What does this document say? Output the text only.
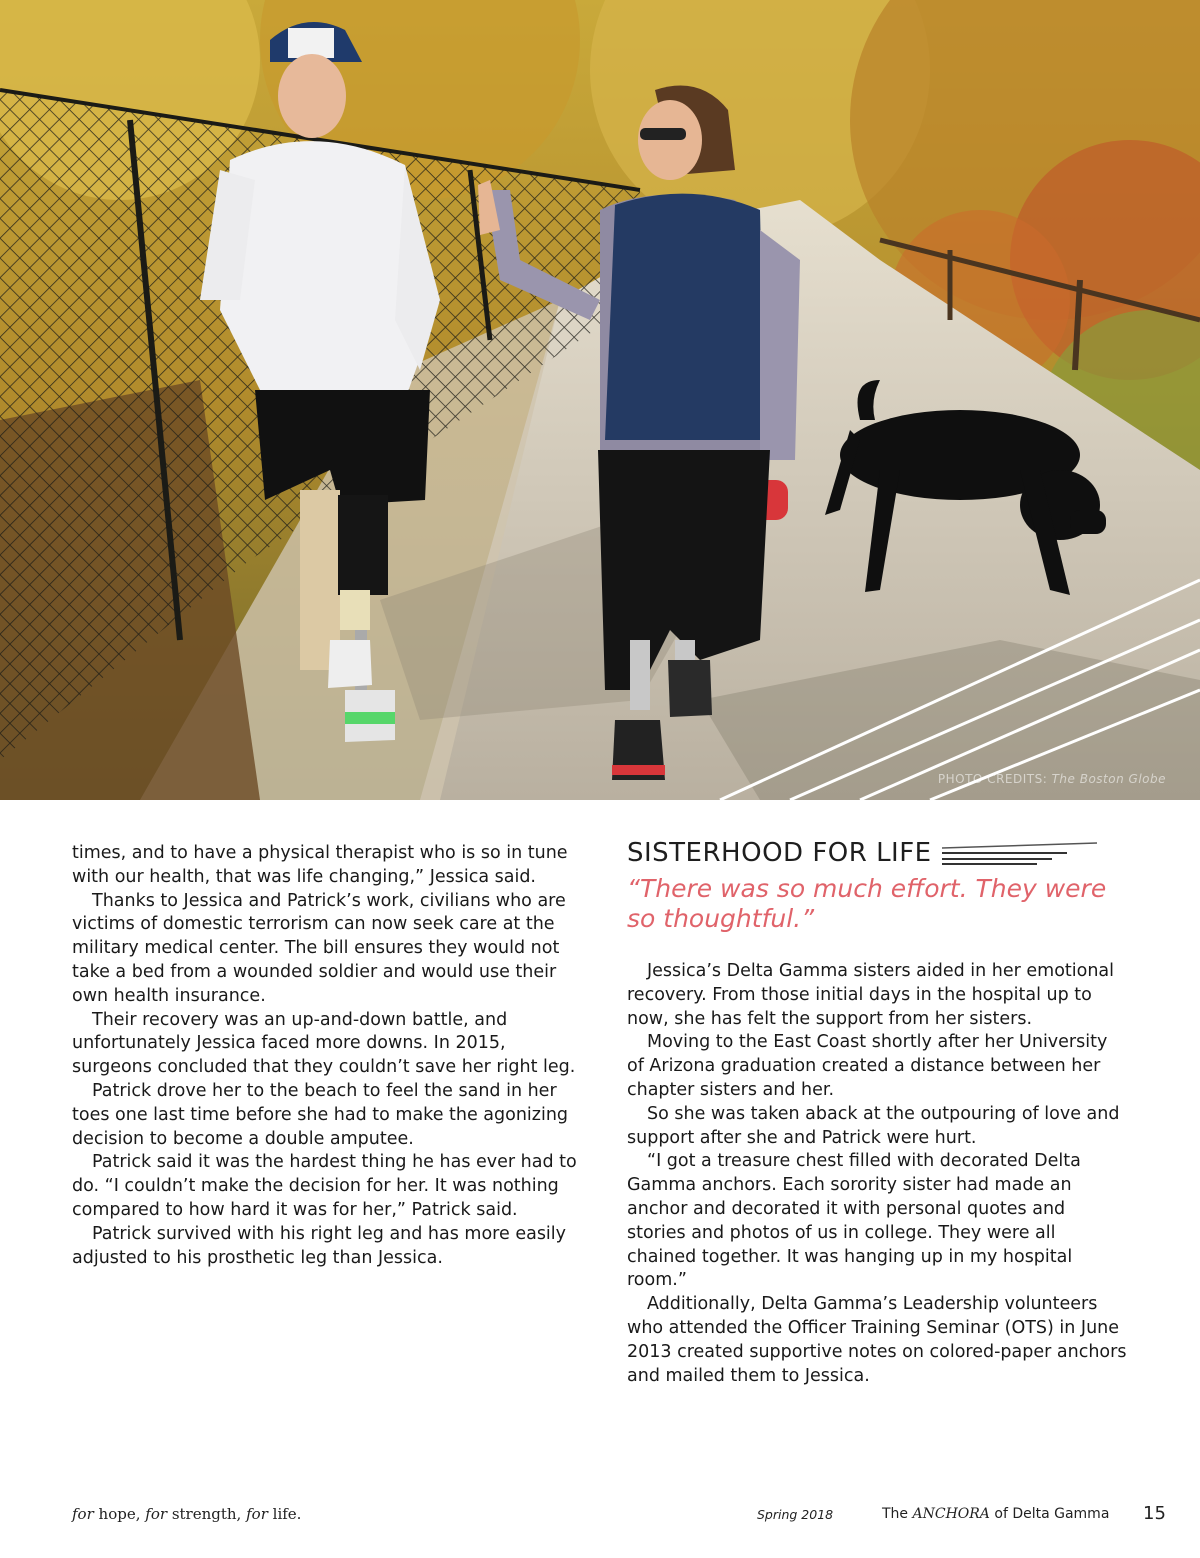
PHOTO CREDITS: The Boston Globe

times, and to have a physical therapist who is so in tune with our health, that was life changing,” Jessica said.

Thanks to Jessica and Patrick’s work, civilians who are victims of domestic terrorism can now seek care at the military medical center. The bill ensures they would not take a bed from a wounded soldier and would use their own health insurance.

Their recovery was an up-and-down battle, and unfortunately Jessica faced more downs. In 2015, surgeons concluded that they couldn’t save her right leg.

Patrick drove her to the beach to feel the sand in her toes one last time before she had to make the agonizing decision to become a double amputee.

Patrick said it was the hardest thing he has ever had to do. “I couldn’t make the decision for her. It was nothing compared to how hard it was for her,” Patrick said.

Patrick survived with his right leg and has more easily adjusted to his prosthetic leg than Jessica.

SISTERHOOD FOR LIFE
“There was so much effort. They were so thoughtful.”

Jessica’s Delta Gamma sisters aided in her emotional recovery. From those initial days in the hospital up to now, she has felt the support from her sisters.

Moving to the East Coast shortly after her University of Arizona graduation created a distance between her chapter sisters and her.

So she was taken aback at the outpouring of love and support after she and Patrick were hurt.

“I got a treasure chest filled with decorated Delta Gamma anchors. Each sorority sister had made an anchor and decorated it with personal quotes and stories and photos of us in college. They were all chained together. It was hanging up in my hospital room.”

Additionally, Delta Gamma’s Leadership volunteers who attended the Officer Training Seminar (OTS) in June 2013 created supportive notes on colored-paper anchors and mailed them to Jessica.

for hope, for strength, for life.	Spring 2018	The ANCHORA of Delta Gamma 15
